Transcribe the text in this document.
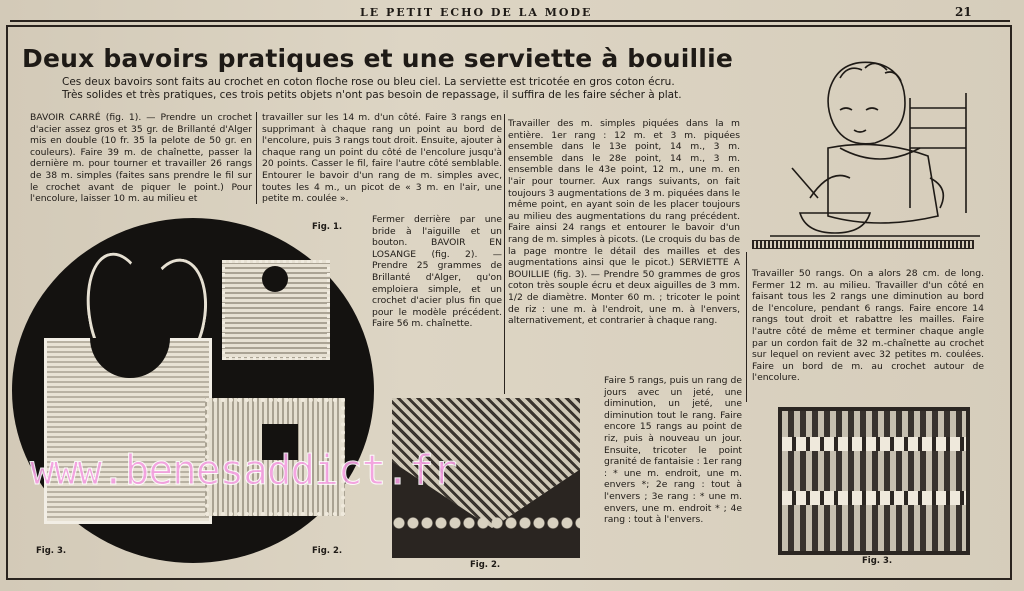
LE PETIT ECHO DE LA MODE	21
Deux bavoirs pratiques et une serviette à bouillie
Ces deux bavoirs sont faits au crochet en coton floche rose ou bleu ciel. La serviette est tricotée en gros coton écru.
Très solides et très pratiques, ces trois petits objets n'ont pas besoin de repassage, il suffira de les faire sécher à plat.

BAVOIR CARRÉ (fig. 1). — Prendre un crochet d'acier assez gros et 35 gr. de Brillanté d'Alger mis en double (10 fr. 35 la pelote de 50 gr. en couleurs). Faire 39 m. de chaînette, passer la dernière m. pour tourner et travailler 26 rangs de 38 m. simples (faites sans prendre le fil sur le crochet avant de piquer le point.) Pour l'encolure, laisser 10 m. au milieu et

travailler sur les 14 m. d'un côté. Faire 3 rangs en supprimant à chaque rang un point au bord de l'encolure, puis 3 rangs tout droit. Ensuite, ajouter à chaque rang un point du côté de l'encolure jusqu'à 20 points. Casser le fil, faire l'autre côté semblable. Entourer le bavoir d'un rang de m. simples avec, toutes les 4 m., un picot de « 3 m. en l'air, une petite m. coulée ».

Fermer derrière par une bride à l'aiguille et un bouton. BAVOIR EN LOSANGE (fig. 2). — Prendre 25 grammes de Brillanté d'Alger, qu'on emploiera simple, et un crochet d'acier plus fin que pour le modèle précédent. Faire 56 m. chaînette.

Travailler des m. simples piquées dans la m entière. 1er rang : 12 m. et 3 m. piquées ensemble dans le 13e point, 14 m., 3 m. ensemble dans le 28e point, 14 m., 3 m. ensemble dans le 43e point, 12 m., une m. en l'air pour tourner. Aux rangs suivants, on fait toujours 3 augmentations de 3 m. piquées dans le même point, en ayant soin de les placer toujours au milieu des augmentations du rang précédent. Faire ainsi 24 rangs et entourer le bavoir d'un rang de m. simples à picots. (Le croquis du bas de la page montre le détail des mailles et des augmentations ainsi que le picot.) SERVIETTE A BOUILLIE (fig. 3). — Prendre 50 grammes de gros coton très souple écru et deux aiguilles de 3 mm. 1/2 de diamètre. Monter 60 m. ; tricoter le point de riz : une m. à l'endroit, une m. à l'envers, alternativement, et contrarier à chaque rang.

Faire 5 rangs, puis un rang de jours avec un jeté, une diminution, un jeté, une diminution tout le rang. Faire encore 15 rangs au point de riz, puis à nouveau un jour. Ensuite, tricoter le point granité de fantaisie : 1er rang : * une m. endroit, une m. envers *; 2e rang : tout à l'envers ; 3e rang : * une m. envers, une m. endroit * ; 4e rang : tout à l'envers.

Travailler 50 rangs. On a alors 28 cm. de long. Fermer 12 m. au milieu. Travailler d'un côté en faisant tous les 2 rangs une diminution au bord de l'encolure, pendant 6 rangs. Faire encore 14 rangs tout droit et rabattre les mailles. Faire l'autre côté de même et terminer chaque angle par un cordon fait de 32 m.-chaînette au crochet sur lequel on revient avec 32 petites m. coulées. Faire un bord de m. au crochet autour de l'encolure.

Fig. 1.
Fig. 3.	Fig. 2.
Fig. 2.	Fig. 3.
www.benesaddict.fr
